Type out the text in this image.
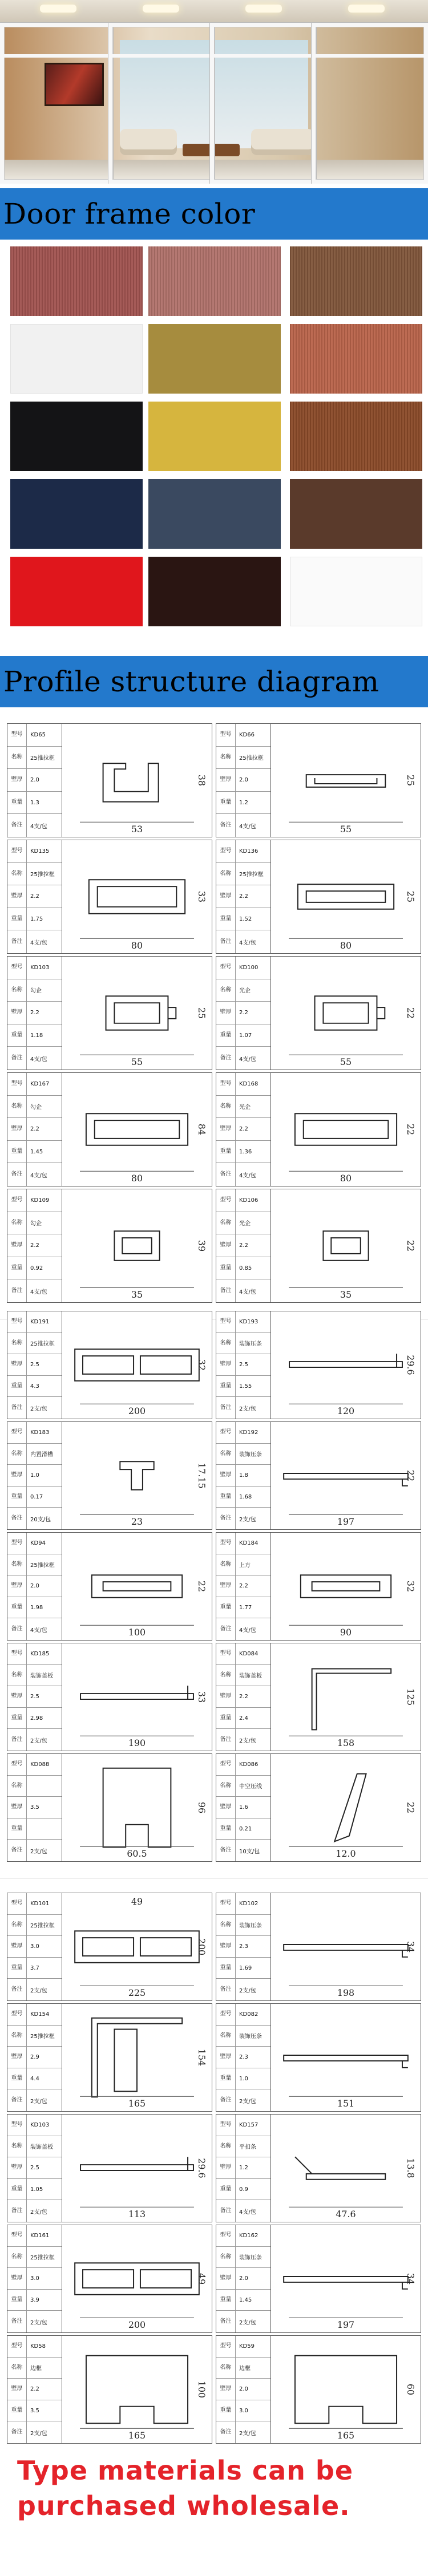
Door frame color
Profile structure diagram
型号	KD65
名称	25推拉框
壁厚	2.0
重量	1.3
备注	4支/包	53
38
型号	KD66
名称	25推拉框
壁厚	2.0
重量	1.2
备注	4支/包	55
25
型号	KD135
名称	25推拉框
壁厚	2.2
重量	1.75
备注	4支/包	80
33
型号	KD136
名称	25推拉框
壁厚	2.2
重量	1.52
备注	4支/包	80
25
型号	KD103
名称	勾企
壁厚	2.2
重量	1.18
备注	4支/包	55
25
型号	KD100
名称	光企
壁厚	2.2
重量	1.07
备注	4支/包	55
22
型号	KD167
名称	勾企
壁厚	2.2
重量	1.45
备注	4支/包	80
84
型号	KD168
名称	光企
壁厚	2.2
重量	1.36
备注	4支/包	80
22
型号	KD109
名称	勾企
壁厚	2.2
重量	0.92
备注	4支/包	35
39
型号	KD106
名称	光企
壁厚	2.2
重量	0.85
备注	4支/包	35
22
型号	KD191
名称	25推拉框
壁厚	2.5
重量	4.3
备注	2支/包	200
32
型号	KD193
名称	装饰压条
壁厚	2.5
重量	1.55
备注	2支/包	120
29.6
型号	KD183
名称	内置滑槽
壁厚	1.0
重量	0.17
备注	20支/包	23
17.15
型号	KD192
名称	装饰压条
壁厚	1.8
重量	1.68
备注	2支/包	197
22
型号	KD94
名称	25推拉框
壁厚	2.0
重量	1.98
备注	4支/包	100
22
型号	KD184
名称	上方
壁厚	2.2
重量	1.77
备注	4支/包	90
32
型号	KD185
名称	装饰盖板
壁厚	2.5
重量	2.98
备注	2支/包	190
33
型号	KD084
名称	装饰盖板
壁厚	2.2
重量	2.4
备注	2支/包	158
125
型号	KD088
名称
壁厚	3.5
重量
备注	2支/包	60.5
96
型号	KD086
名称	中空压线
壁厚	1.6
重量	0.21
备注	10支/包	12.0
22
型号	KD101
名称	25推拉框
壁厚	3.0
重量	3.7
备注	2支/包	225
200
49	型号	KD102
名称	装饰压条
壁厚	2.3
重量	1.69
备注	2支/包	198
34
型号	KD154
名称	25推拉框
壁厚	2.9
重量	4.4
备注	2支/包	165
154
型号	KD082
名称	装饰压条
壁厚	2.3
重量	1.0
备注	2支/包	151
型号	KD103
名称	装饰盖板
壁厚	2.5
重量	1.05
备注	2支/包	113
29.6
型号	KD157
名称	平扣条
壁厚	1.2
重量	0.9
备注	4支/包	47.6
13.8
型号	KD161
名称	25推拉框
壁厚	3.0
重量	3.9
备注	2支/包	200
49
型号	KD162
名称	装饰压条
壁厚	2.0
重量	1.45
备注	2支/包	197
34
型号	KD58
名称	边框
壁厚	2.2
重量	3.5
备注	2支/包	165
100
型号	KD59
名称	边框
壁厚	2.0
重量	3.0
备注	2支/包	165
60
Type materials can be
purchased wholesale.
